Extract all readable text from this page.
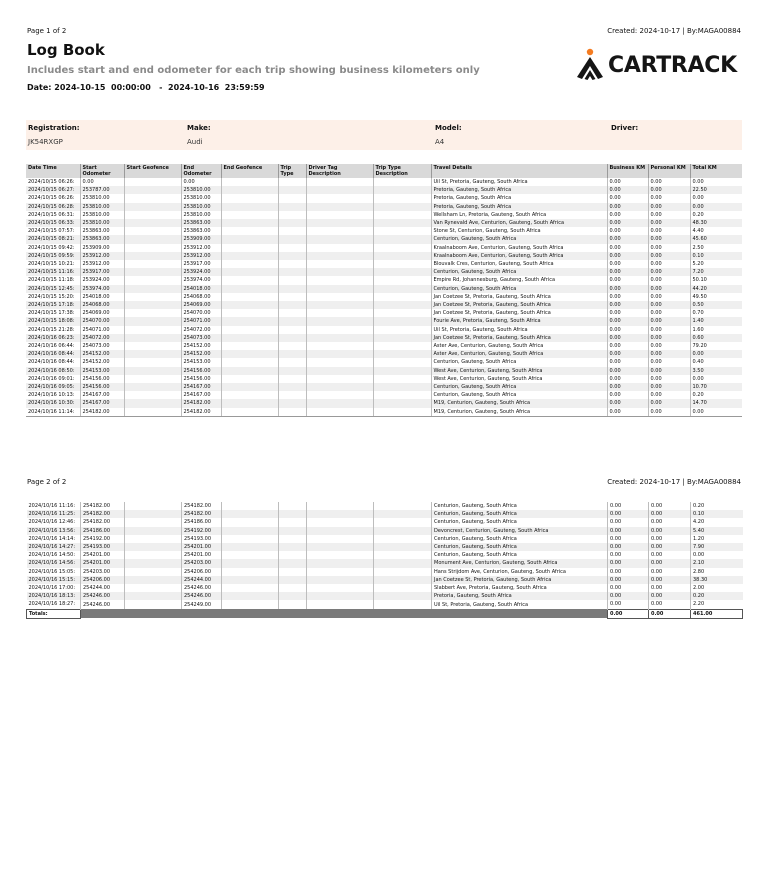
Page 1 of 2	Created: 2024-10-17 | By:MAGA00884
Log Book
Includes start and end odometer for each trip showing business kilometers only
Date: 2024-10-15  00:00:00   -  2024-10-16  23:59:59
CARTRACK
Registration:
JK54RXGP
Make:
Audi
Model:
A4
Driver:
Date Time	Start Odometer	Start Geofence	End Odometer	End Geofence	Trip Type	Driver Tag Description	Trip Type Description	Travel Details	Business KM	Personal KM	Total KM
2024/10/15 06:26:	0.00		0.00					Uil St, Pretoria, Gauteng, South Africa	0.00	0.00	0.00
2024/10/15 06:27:	253787.00		253810.00					Pretoria, Gauteng, South Africa	0.00	0.00	22.50
2024/10/15 06:26:	253810.00		253810.00					Pretoria, Gauteng, South Africa	0.00	0.00	0.00
2024/10/15 06:28:	253810.00		253810.00					Pretoria, Gauteng, South Africa	0.00	0.00	0.00
2024/10/15 06:31:	253810.00		253810.00					Wellsham Ln, Pretoria, Gauteng, South Africa	0.00	0.00	0.20
2024/10/15 06:33:	253810.00		253863.00					Van Rynevald Ave, Centurion, Gauteng, South Africa	0.00	0.00	48.30
2024/10/15 07:57:	253863.00		253863.00					Stone St, Centurion, Gauteng, South Africa	0.00	0.00	4.40
2024/10/15 08:21:	253863.00		253909.00					Centurion, Gauteng, South Africa	0.00	0.00	45.60
2024/10/15 09:42:	253909.00		253912.00					Kraalnaboom Ave, Centurion, Gauteng, South Africa	0.00	0.00	2.50
2024/10/15 09:59:	253912.00		253912.00					Kraalnaboom Ave, Centurion, Gauteng, South Africa	0.00	0.00	0.10
2024/10/15 10:21:	253912.00		253917.00					Blouvalk Cres, Centurion, Gauteng, South Africa	0.00	0.00	5.20
2024/10/15 11:16:	253917.00		253924.00					Centurion, Gauteng, South Africa	0.00	0.00	7.20
2024/10/15 11:18:	253924.00		253974.00					Empire Rd, Johannesburg, Gauteng, South Africa	0.00	0.00	50.10
2024/10/15 12:45:	253974.00		254018.00					Centurion, Gauteng, South Africa	0.00	0.00	44.20
2024/10/15 15:20:	254018.00		254068.00					Jan Coetzee St, Pretoria, Gauteng, South Africa	0.00	0.00	49.50
2024/10/15 17:18:	254068.00		254069.00					Jan Coetzee St, Pretoria, Gauteng, South Africa	0.00	0.00	0.50
2024/10/15 17:38:	254069.00		254070.00					Jan Coetzee St, Pretoria, Gauteng, South Africa	0.00	0.00	0.70
2024/10/15 18:08:	254070.00		254071.00					Fourie Ave, Pretoria, Gauteng, South Africa	0.00	0.00	1.40
2024/10/15 21:28:	254071.00		254072.00					Uil St, Pretoria, Gauteng, South Africa	0.00	0.00	1.60
2024/10/16 06:23:	254072.00		254073.00					Jan Coetzee St, Pretoria, Gauteng, South Africa	0.00	0.00	0.60
2024/10/16 06:44:	254073.00		254152.00					Aster Ave, Centurion, Gauteng, South Africa	0.00	0.00	79.20
2024/10/16 08:44:	254152.00		254152.00					Aster Ave, Centurion, Gauteng, South Africa	0.00	0.00	0.00
2024/10/16 08:44:	254152.00		254153.00					Centurion, Gauteng, South Africa	0.00	0.00	0.40
2024/10/16 08:50:	254153.00		254156.00					West Ave, Centurion, Gauteng, South Africa	0.00	0.00	3.50
2024/10/16 09:01:	254156.00		254156.00					West Ave, Centurion, Gauteng, South Africa	0.00	0.00	0.00
2024/10/16 09:05:	254156.00		254167.00					Centurion, Gauteng, South Africa	0.00	0.00	10.70
2024/10/16 10:13:	254167.00		254167.00					Centurion, Gauteng, South Africa	0.00	0.00	0.20
2024/10/16 10:30:	254167.00		254182.00					M19, Centurion, Gauteng, South Africa	0.00	0.00	14.70
2024/10/16 11:14:	254182.00		254182.00					M19, Centurion, Gauteng, South Africa	0.00	0.00	0.00
Page 2 of 2	Created: 2024-10-17 | By:MAGA00884
2024/10/16 11:16:	254182.00		254182.00					Centurion, Gauteng, South Africa	0.00	0.00	0.20
2024/10/16 11:25:	254182.00		254182.00					Centurion, Gauteng, South Africa	0.00	0.00	0.10
2024/10/16 12:46:	254182.00		254186.00					Centurion, Gauteng, South Africa	0.00	0.00	4.20
2024/10/16 13:56:	254186.00		254192.00					Devoncrest, Centurion, Gauteng, South Africa	0.00	0.00	5.40
2024/10/16 14:14:	254192.00		254193.00					Centurion, Gauteng, South Africa	0.00	0.00	1.20
2024/10/16 14:27:	254193.00		254201.00					Centurion, Gauteng, South Africa	0.00	0.00	7.90
2024/10/16 14:50:	254201.00		254201.00					Centurion, Gauteng, South Africa	0.00	0.00	0.00
2024/10/16 14:56:	254201.00		254203.00					Monument Ave, Centurion, Gauteng, South Africa	0.00	0.00	2.10
2024/10/16 15:05:	254203.00		254206.00					Hans Strijdom Ave, Centurion, Gauteng, South Africa	0.00	0.00	2.80
2024/10/16 15:15:	254206.00		254244.00					Jan Coetzee St, Pretoria, Gauteng, South Africa	0.00	0.00	38.30
2024/10/16 17:00:	254244.00		254246.00					Slabbert Ave, Pretoria, Gauteng, South Africa	0.00	0.00	2.00
2024/10/16 18:13:	254246.00		254246.00					Pretoria, Gauteng, South Africa	0.00	0.00	0.20
2024/10/16 18:27:	254246.00		254249.00					Uil St, Pretoria, Gauteng, South Africa	0.00	0.00	2.20
Totals:									0.00	0.00	461.00
